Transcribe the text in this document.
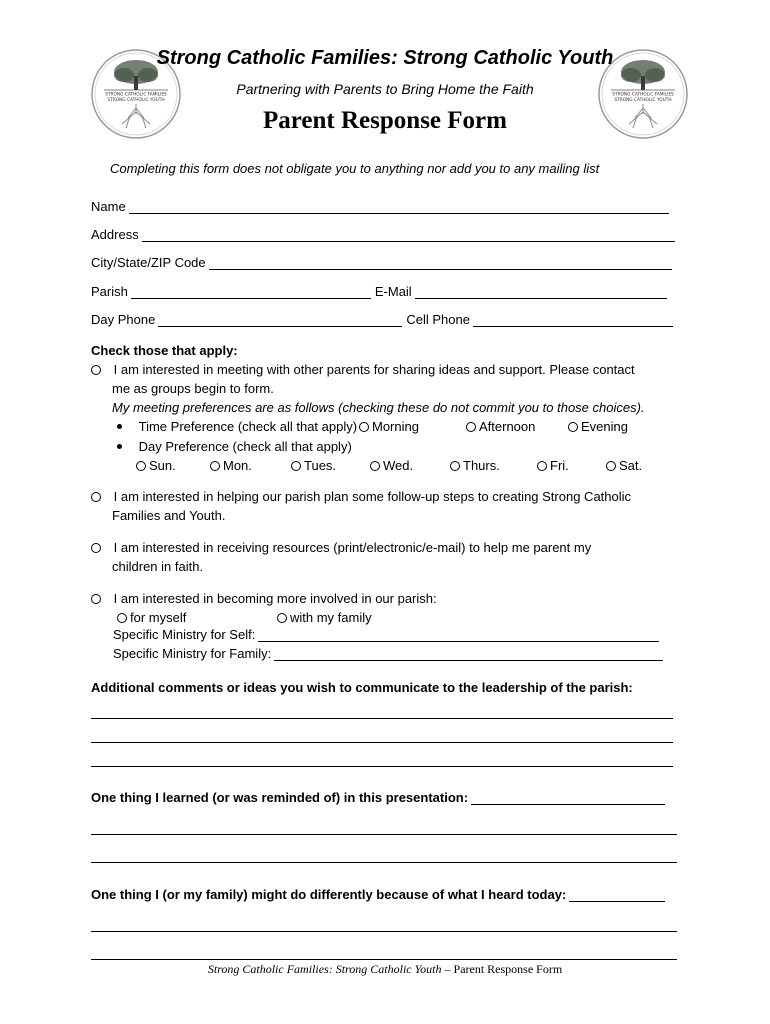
STRONG CATHOLIC FAMILIES
STRONG CATHOLIC YOUTH
STRONG CATHOLIC FAMILIES
STRONG CATHOLIC YOUTH
Strong Catholic Families: Strong Catholic Youth
Partnering with Parents to Bring Home the Faith
Parent Response Form
Completing this form does not obligate you to anything nor add you to any mailing list
Name
Address
City/State/ZIP Code
Parish	E-Mail
Day Phone	Cell Phone
Check those that apply:
I am interested in meeting with other parents for sharing ideas and support. Please contact
me as groups begin to form.
My meeting preferences are as follows (checking these do not commit you to those choices).
Time Preference (check all that apply)	Morning	Afternoon	Evening
Day Preference (check all that apply)
Sun.	Mon.	Tues.	Wed.	Thurs.	Fri.	Sat.
I am interested in helping our parish plan some follow-up steps to creating Strong Catholic
Families and Youth.
I am interested in receiving resources (print/electronic/e-mail) to help me parent my
children in faith.
I am interested in becoming more involved in our parish:
for myself	with my family
Specific Ministry for Self:
Specific Ministry for Family:
Additional comments or ideas you wish to communicate to the leadership of the parish:
One thing I learned (or was reminded of) in this presentation:
One thing I (or my family) might do differently because of what I heard today:
Strong Catholic Families: Strong Catholic Youth – Parent Response Form
